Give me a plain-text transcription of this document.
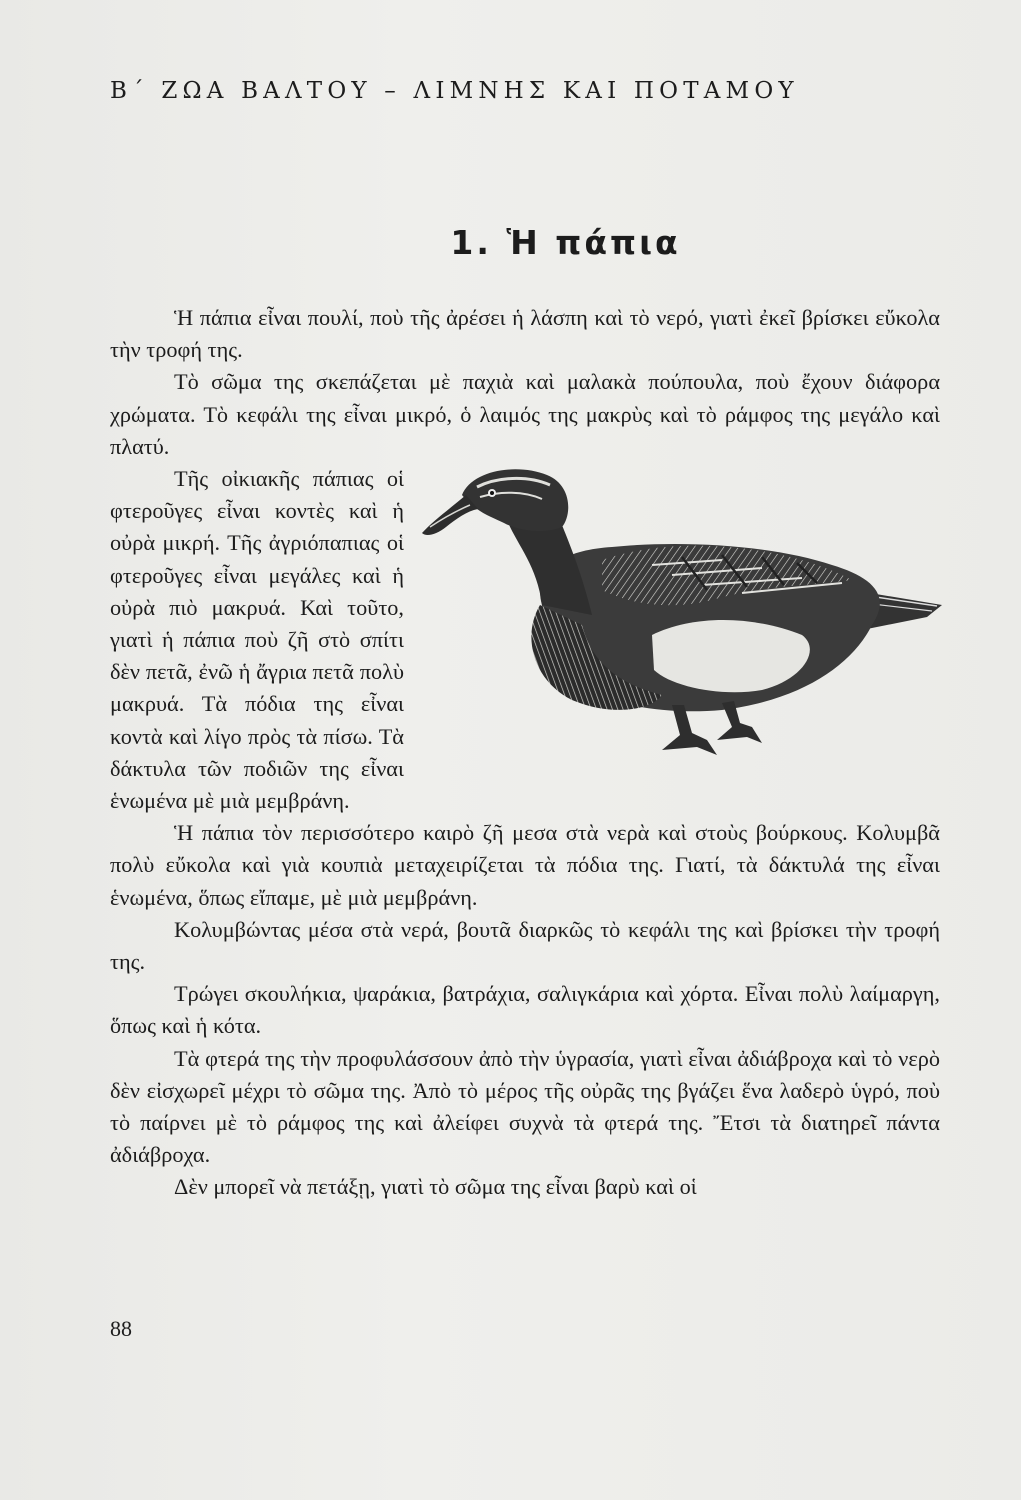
Β΄ ΖΩΑ ΒΑΛΤΟΥ – ΛΙΜΝΗΣ ΚΑΙ ΠΟΤΑΜΟΥ
1. Ἡ πάπια

Ἡ πάπια εἶναι πουλί, ποὺ τῆς ἀρέσει ἡ λάσπη καὶ τὸ νερό, γιατὶ ἐκεῖ βρίσκει εὔκολα τὴν τροφή της.

Τὸ σῶμα της σκεπάζεται μὲ παχιὰ καὶ μαλακὰ πούπουλα, ποὺ ἔχουν διάφορα χρώματα. Τὸ κεφάλι της εἶναι μικρό, ὁ λαιμός της μακρὺς καὶ τὸ ράμφος της μεγάλο καὶ πλατύ.

Τῆς οἰκιακῆς πάπιας οἱ φτεροῦγες εἶναι κοντὲς καὶ ἡ οὐρὰ μικρή. Τῆς ἀγριόπαπιας οἱ φτεροῦγες εἶναι μεγάλες καὶ ἡ οὐρὰ πιὸ μακρυά. Καὶ τοῦτο, γιατὶ ἡ πάπια ποὺ ζῆ στὸ σπίτι δὲν πετᾶ, ἐνῶ ἡ ἄγρια πετᾶ πολὺ μακρυά. Τὰ πόδια της εἶναι κοντὰ καὶ λίγο πρὸς τὰ πίσω. Τὰ δάκτυλα τῶν ποδιῶν της εἶναι ἑνωμένα μὲ μιὰ μεμβράνη.

Ἡ πάπια τὸν περισσότερο καιρὸ ζῆ μεσα στὰ νερὰ καὶ στοὺς βούρκους. Κολυμβᾶ πολὺ εὔκολα καὶ γιὰ κουπιὰ μεταχειρίζεται τὰ πόδια της. Γιατί, τὰ δάκτυλά της εἶναι ἑνωμένα, ὅπως εἴπαμε, μὲ μιὰ μεμβράνη.

Κολυμβώντας μέσα στὰ νερά, βουτᾶ διαρκῶς τὸ κεφάλι της καὶ βρίσκει τὴν τροφή της.

Τρώγει σκουλήκια, ψαράκια, βατράχια, σαλιγκάρια καὶ χόρτα. Εἶναι πολὺ λαίμαργη, ὅπως καὶ ἡ κότα.

Τὰ φτερά της τὴν προφυλάσσουν ἀπὸ τὴν ὑγρασία, γιατὶ εἶναι ἀδιάβροχα καὶ τὸ νερὸ δὲν εἰσχωρεῖ μέχρι τὸ σῶμα της. Ἀπὸ τὸ μέρος τῆς οὐρᾶς της βγάζει ἕνα λαδερὸ ὑγρό, ποὺ τὸ παίρνει μὲ τὸ ράμφος της καὶ ἀλείφει συχνὰ τὰ φτερά της. Ἔτσι τὰ διατηρεῖ πάντα ἀδιάβροχα.

Δὲν μπορεῖ νὰ πετάξῃ, γιατὶ τὸ σῶμα της εἶναι βαρὺ καὶ οἱ

88
